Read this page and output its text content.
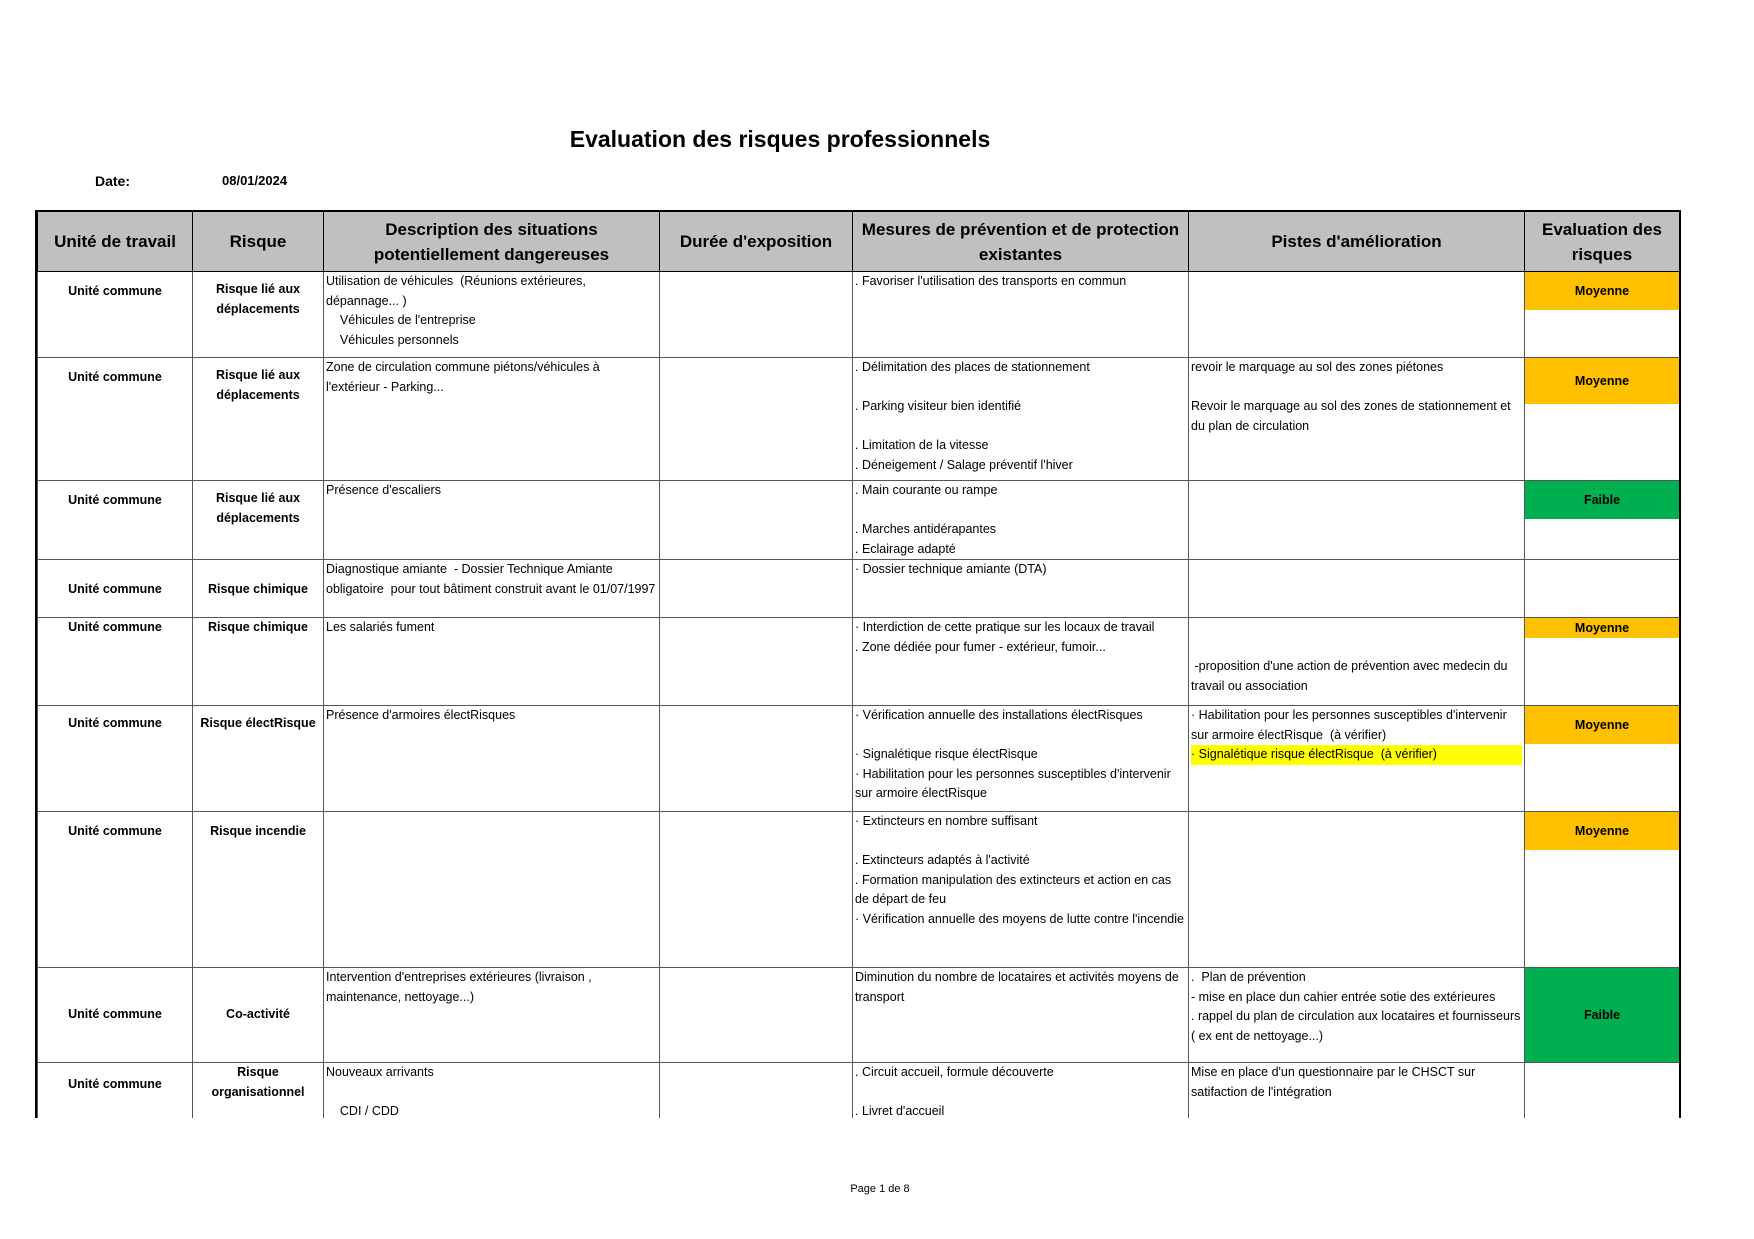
Evaluation des risques professionnels
Date:	08/01/2024
Unité de travail	Risque	Description des situations potentiellement dangereuses	Durée d'exposition	Mesures de prévention et de protection existantes	Pistes d'amélioration	Evaluation des risques
Unité commune	Risque lié aux déplacements	Utilisation de véhicules  (Réunions extérieures, dépannage... )
Véhicules de l'entreprise
Véhicules personnels		. Favoriser l'utilisation des transports en commun		Moyenne

Unité commune	Risque lié aux déplacements	Zone de circulation commune piétons/véhicules à l'extérieur - Parking...		. Délimitation des places de stationnement

. Parking visiteur bien identifié

. Limitation de la vitesse
. Déneigement / Salage préventif l'hiver	revoir le marquage au sol des zones piétones

Revoir le marquage au sol des zones de stationnement et du plan de circulation	Moyenne

Unité commune	Risque lié aux déplacements	Présence d'escaliers		. Main courante ou rampe

. Marches antidérapantes
. Eclairage adapté		Faible

Unité commune	Risque chimique	Diagnostique amiante  - Dossier Technique Amiante obligatoire  pour tout bâtiment construit avant le 01/07/1997		· Dossier technique amiante (DTA)		

Unité commune	Risque chimique	Les salariés fument		· Interdiction de cette pratique sur les locaux de travail
. Zone dédiée pour fumer - extérieur, fumoir...	

-proposition d'une action de prévention avec medecin du travail ou association	Moyenne

Unité commune	Risque électRisque	Présence d'armoires électRisques		· Vérification annuelle des installations électRisques

· Signalétique risque électRisque
· Habilitation pour les personnes susceptibles d'intervenir sur armoire électRisque	· Habilitation pour les personnes susceptibles d'intervenir sur armoire électRisque  (à vérifier)
· Signalétique risque électRisque  (à vérifier)	Moyenne

Unité commune	Risque incendie			· Extincteurs en nombre suffisant

. Extincteurs adaptés à l'activité
. Formation manipulation des extincteurs et action en cas de départ de feu
· Vérification annuelle des moyens de lutte contre l'incendie		Moyenne

Unité commune	Co-activité	Intervention d'entreprises extérieures (livraison , maintenance, nettoyage...)		Diminution du nombre de locataires et activités moyens de transport	.  Plan de prévention
- mise en place dun cahier entrée sotie des extérieures
. rappel du plan de circulation aux locataires et fournisseurs ( ex ent de nettoyage...)	Faible

Unité commune	Risque organisationnel	Nouveaux arrivants

CDI / CDD		. Circuit accueil, formule découverte

. Livret d'accueil	Mise en place d'un questionnaire par le CHSCT sur satifaction de l'intégration	
Page 1 de 8
